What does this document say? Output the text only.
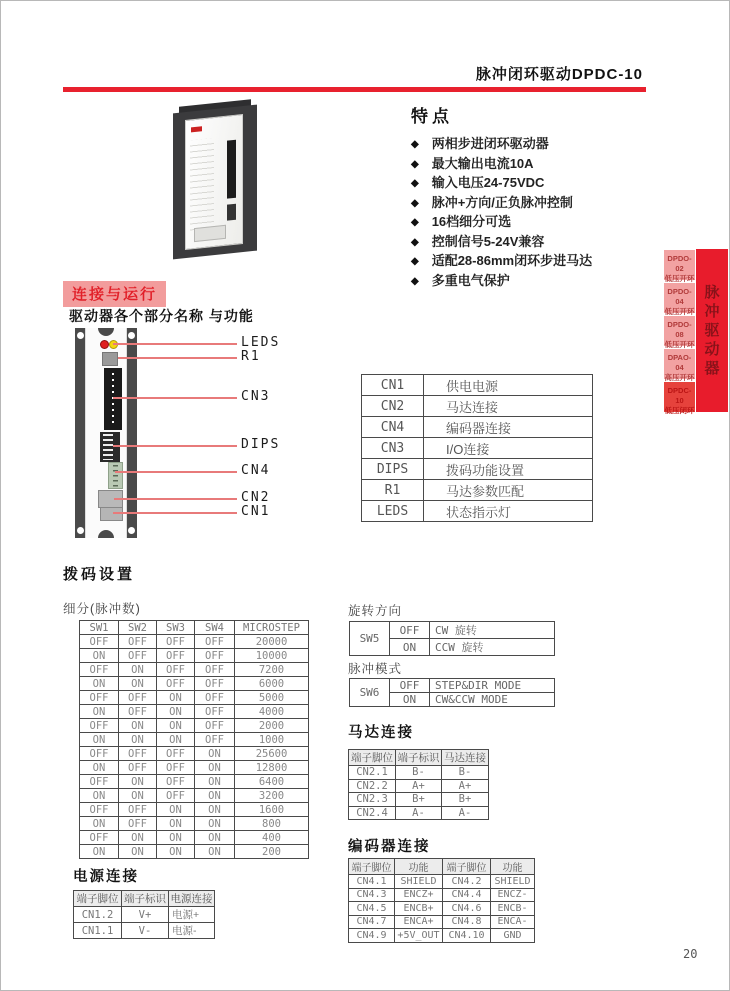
脉冲闭环驱动DPDC-10
特点
◆ 两相步进闭环驱动器
◆ 最大输出电流10A
◆ 输入电压24-75VDC
◆ 脉冲+方向/正负脉冲控制
◆ 16档细分可选
◆ 控制信号5-24V兼容
◆ 适配28-86mm闭环步进马达
◆ 多重电气保护
DPDO-02
低压开环
DPDO-04
低压开环
DPDO-08
低压开环
DPAO-04
高压开环
DPDC-10
低压闭环
脉
冲
驱
动
器
连接与运行
驱动器各个部分名称 与功能
LEDS
R1
CN3
DIPS
CN4
CN2
CN1
CN1	供电电源
CN2	马达连接
CN4	编码器连接
CN3	I/O连接
DIPS	拨码功能设置
R1	马达参数匹配
LEDS	状态指示灯
拨码设置
细分(脉冲数)
SW1	SW2	SW3	SW4	MICROSTEP
OFF	OFF	OFF	OFF	20000
ON	OFF	OFF	OFF	10000
OFF	ON	OFF	OFF	7200
ON	ON	OFF	OFF	6000
OFF	OFF	ON	OFF	5000
ON	OFF	ON	OFF	4000
OFF	ON	ON	OFF	2000
ON	ON	ON	OFF	1000
OFF	OFF	OFF	ON	25600
ON	OFF	OFF	ON	12800
OFF	ON	OFF	ON	6400
ON	ON	OFF	ON	3200
OFF	OFF	ON	ON	1600
ON	OFF	ON	ON	800
OFF	ON	ON	ON	400
ON	ON	ON	ON	200
旋转方向
SW5	OFF	CW 旋转
	ON	CCW 旋转
脉冲模式
SW6	OFF	STEP&DIR MODE
	ON	CW&CCW MODE
马达连接
端子脚位	端子标识	马达连接
CN2.1	B-	B-
CN2.2	A+	A+
CN2.3	B+	B+
CN2.4	A-	A-
编码器连接
端子脚位	功能	端子脚位	功能
CN4.1	SHIELD	CN4.2	SHIELD
CN4.3	ENCZ+	CN4.4	ENCZ-
CN4.5	ENCB+	CN4.6	ENCB-
CN4.7	ENCA+	CN4.8	ENCA-
CN4.9	+5V_OUT	CN4.10	GND
电源连接
端子脚位	端子标识	电源连接
CN1.2	V+	电源+
CN1.1	V-	电源-
20
